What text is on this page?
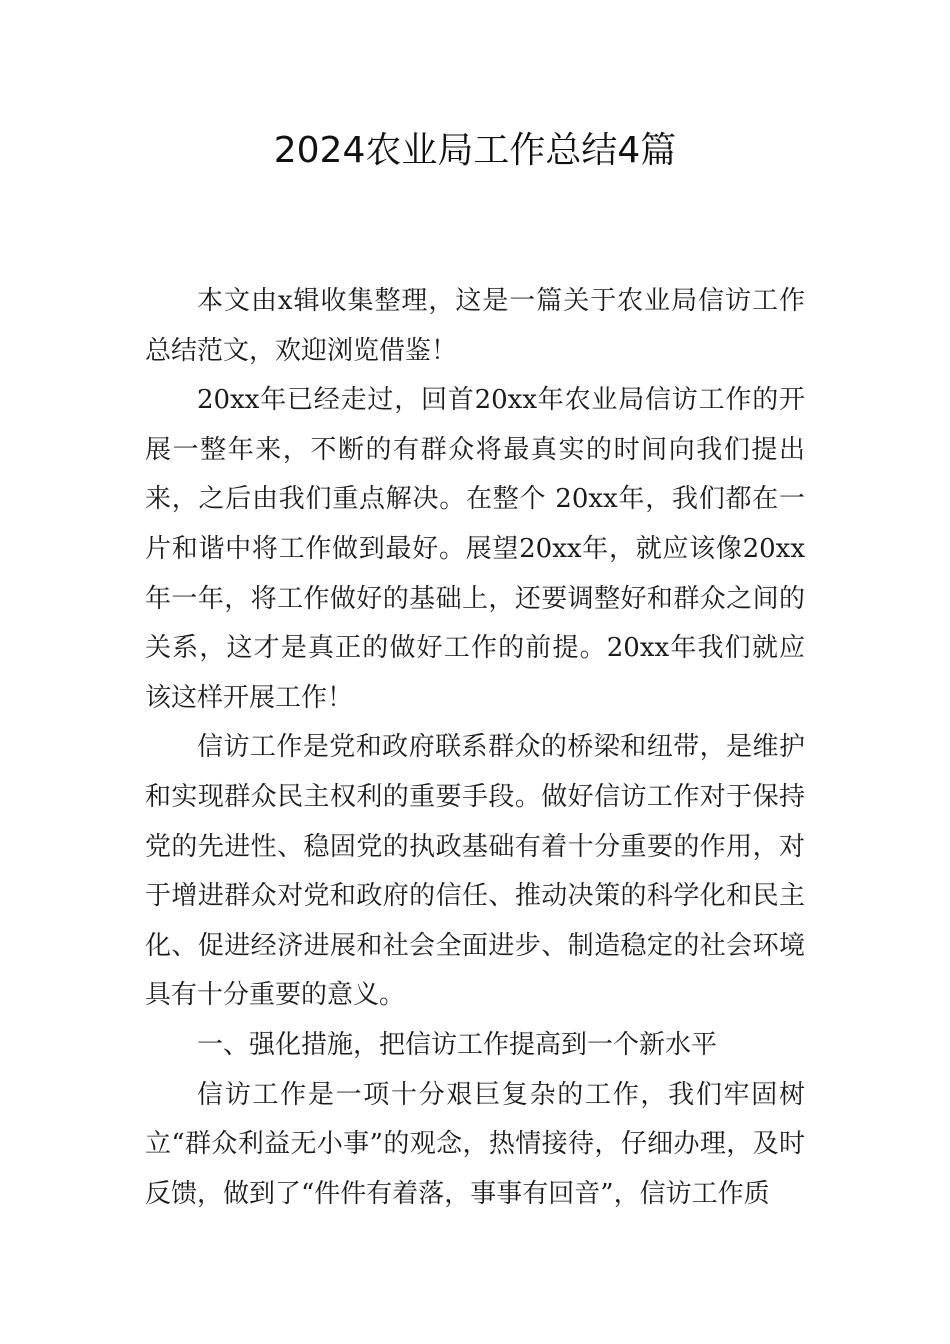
2024农业局工作总结4篇

本文由x辑收集整理，这是一篇关于农业局信访工作总结范文，欢迎浏览借鉴！

20xx年已经走过，回首20xx年农业局信访工作的开展一整年来，不断的有群众将最真实的时间向我们提出来，之后由我们重点解决。在整个 20xx年，我们都在一片和谐中将工作做到最好。展望20xx年，就应该像20xx年一年，将工作做好的基础上，还要调整好和群众之间的关系，这才是真正的做好工作的前提。20xx年我们就应该这样开展工作！

信访工作是党和政府联系群众的桥梁和纽带，是维护和实现群众民主权利的重要手段。做好信访工作对于保持党的先进性、稳固党的执政基础有着十分重要的作用，对于增进群众对党和政府的信任、推动决策的科学化和民主化、促进经济进展和社会全面进步、制造稳定的社会环境具有十分重要的意义。

一、强化措施，把信访工作提高到一个新水平

信访工作是一项十分艰巨复杂的工作，我们牢固树立“群众利益无小事”的观念，热情接待，仔细办理，及时反馈，做到了“件件有着落，事事有回音”，信访工作质
